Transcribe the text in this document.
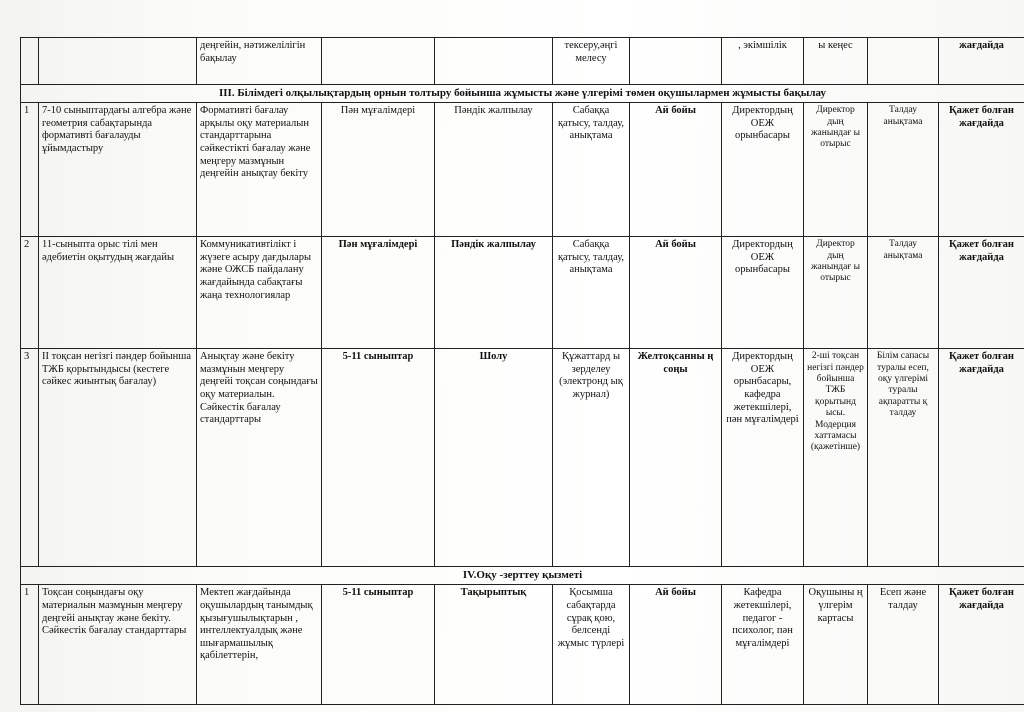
		деңгейін, нәтижелілігін бақылау			тексеру,әңгі мелесу		, экімшілік	ы кеңес		жағдайда
III. Білімдегі олқылықтардың орнын толтыру бойынша жұмысты және үлгерімі төмен оқушылармен жұмысты бақылау										
1	7-10 сыныптардағы алгебра және геометрия сабақтарында формативті бағалауды ұйымдастыру	Формативті бағалау арқылы оқу материалын стандарттарына сәйкестікті бағалау және меңгеру мазмұнын деңгейін анықтау бекіту	Пән мұғалімдері	Пәндік жалпылау	Сабаққа қатысу, талдау, анықтама	Ай бойы	Директордың ОЕЖ орынбасары	Директор дың жанындағ ы отырыс	Талдау анықтама	Қажет болған жағдайда
2	11-сыныпта орыс тілі мен әдебиетін оқытудың жағдайы	Коммуникативтілікт і жүзеге асыру дағдылары және ОЖСБ пайдалану жағдайында сабақтағы жаңа технологиялар	Пән мұғалімдері	Пәндік жалпылау	Сабаққа қатысу, талдау, анықтама	Ай бойы	Директордың ОЕЖ орынбасары	Директор дың жанындағ ы отырыс	Талдау анықтама	Қажет болған жағдайда
3	II тоқсан негізгі пәндер бойынша ТЖБ қорытындысы (кестеге сәйкес жиынтық бағалау)	Анықтау және бекіту мазмұнын меңгеру деңгейі тоқсан соңындағы оқу материалын. Сәйкестік бағалау стандарттары	5-11 сыныптар	Шолу	Құжаттард ы зерделеу (электронд ық журнал)	Желтоқсанны ң соңы	Директордың ОЕЖ орынбасары, кафедра жетекшілері, пән мұғалімдері	2-ші тоқсан негізгі пәндер бойынша ТЖБ қорытынд ысы. Модерция хаттамасы (қажетінше)	Білім сапасы туралы есеп, оқу үлгерімі туралы ақпаратты қ талдау	Қажет болған жағдайда
IV.Оқу -зерттеу қызметі										
1	Тоқсан соңындағы оқу материалын мазмұнын меңгеру деңгейі анықтау және бекіту. Сәйкестік бағалау стандарттары	Мектеп жағдайында оқушылардың танымдық қызығушылықтарын , интеллектуалдық және шығармашылық қабілеттерін,	5-11 сыныптар	Тақырыптық	Қосымша сабақтарда сұрақ қою, белсенді жұмыс түрлері	Ай бойы	Кафедра жетекшілері, педагог - психолог, пән мұғалімдері	Оқушыны ң үлгерім картасы	Есеп және талдау	Қажет болған жағдайда
